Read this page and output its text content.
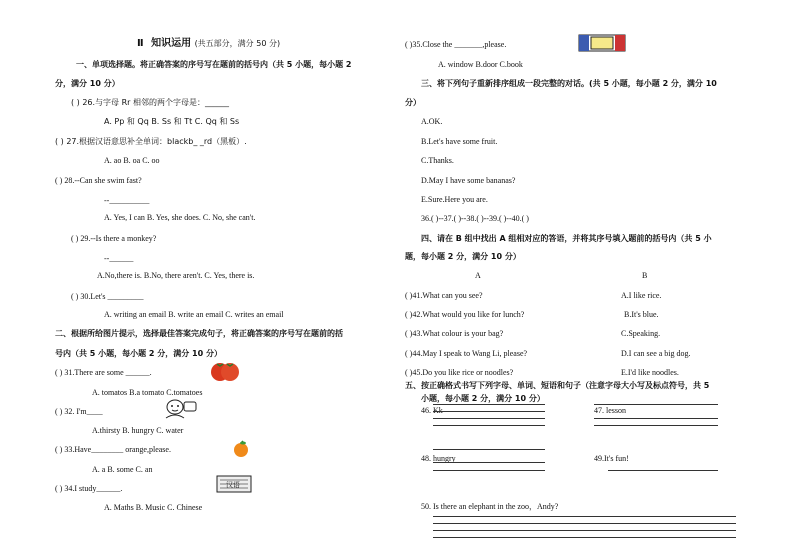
Ⅱ 知识运用 (共五部分，满分 50 分)
一、单项选择题。将正确答案的序号写在题前的括号内（共 5 小题，每小题 2
分，满分 10 分）
( ) 26.与字母 Rr 相邻的两个字母是：______
A. Pp 和 Qq B. Ss 和 Tt C. Qq 和 Ss
( ) 27.根据汉语意思补全单词：blackb_ _rd（黑板）.
A. ao B. oa C. oo
( ) 28.--Can she swim fast?
--__________
A. Yes, I can B. Yes, she does. C. No, she can't.
( ) 29.--Is there a monkey?
--______
A.No,there is. B.No, there aren't. C. Yes, there is.
( ) 30.Let's _________
A. writing an email B. write an email C. writes an email
二、根据所给图片提示，选择最佳答案完成句子，将正确答案的序号写在题前的括
号内（共 5 小题，每小题 2 分，满分 10 分）
( ) 31.There are some ______.
A. tomatos B.a tomato C.tomatoes
( ) 32. I'm____
A.thirsty B. hungry C. water
( ) 33.Have________ orange,please.
A. a B. some C. an
( ) 34.I study______.
A. Maths B. Music C. Chinese
汉语
( )35.Close the _______,please.
A. window B.door C.book
三、将下列句子重新排序组成一段完整的对话。(共 5 小题，每小题 2 分，满分 10
分）
A.OK.
B.Let's have some fruit.
C.Thanks.
D.May I have some bananas?
E.Sure.Here you are.
36.( )--37.( )--38.( )--39.( )--40.( )
四、请在 B 组中找出 A 组相对应的答语，并将其序号填入题前的括号内（共 5 小
题，每小题 2 分，满分 10 分）
A	B
( )41.What can you see?	A.I like rice.
( )42.What would you like for lunch?	B.It's blue.
( )43.What colour is your bag?	C.Speaking.
( )44.May I speak to Wang Li, please?	D.I can see a big dog.
( )45.Do you like rice or noodles?	E.I'd like noodles.
五、按正确格式书写下列字母、单词、短语和句子（注意字母大小写及标点符号，共 5
小题，每小题 2 分，满分 10 分）
46. Kk	47. lesson
48. hungry	49.It's fun!
50. Is there an elephant in the zoo，Andy?
